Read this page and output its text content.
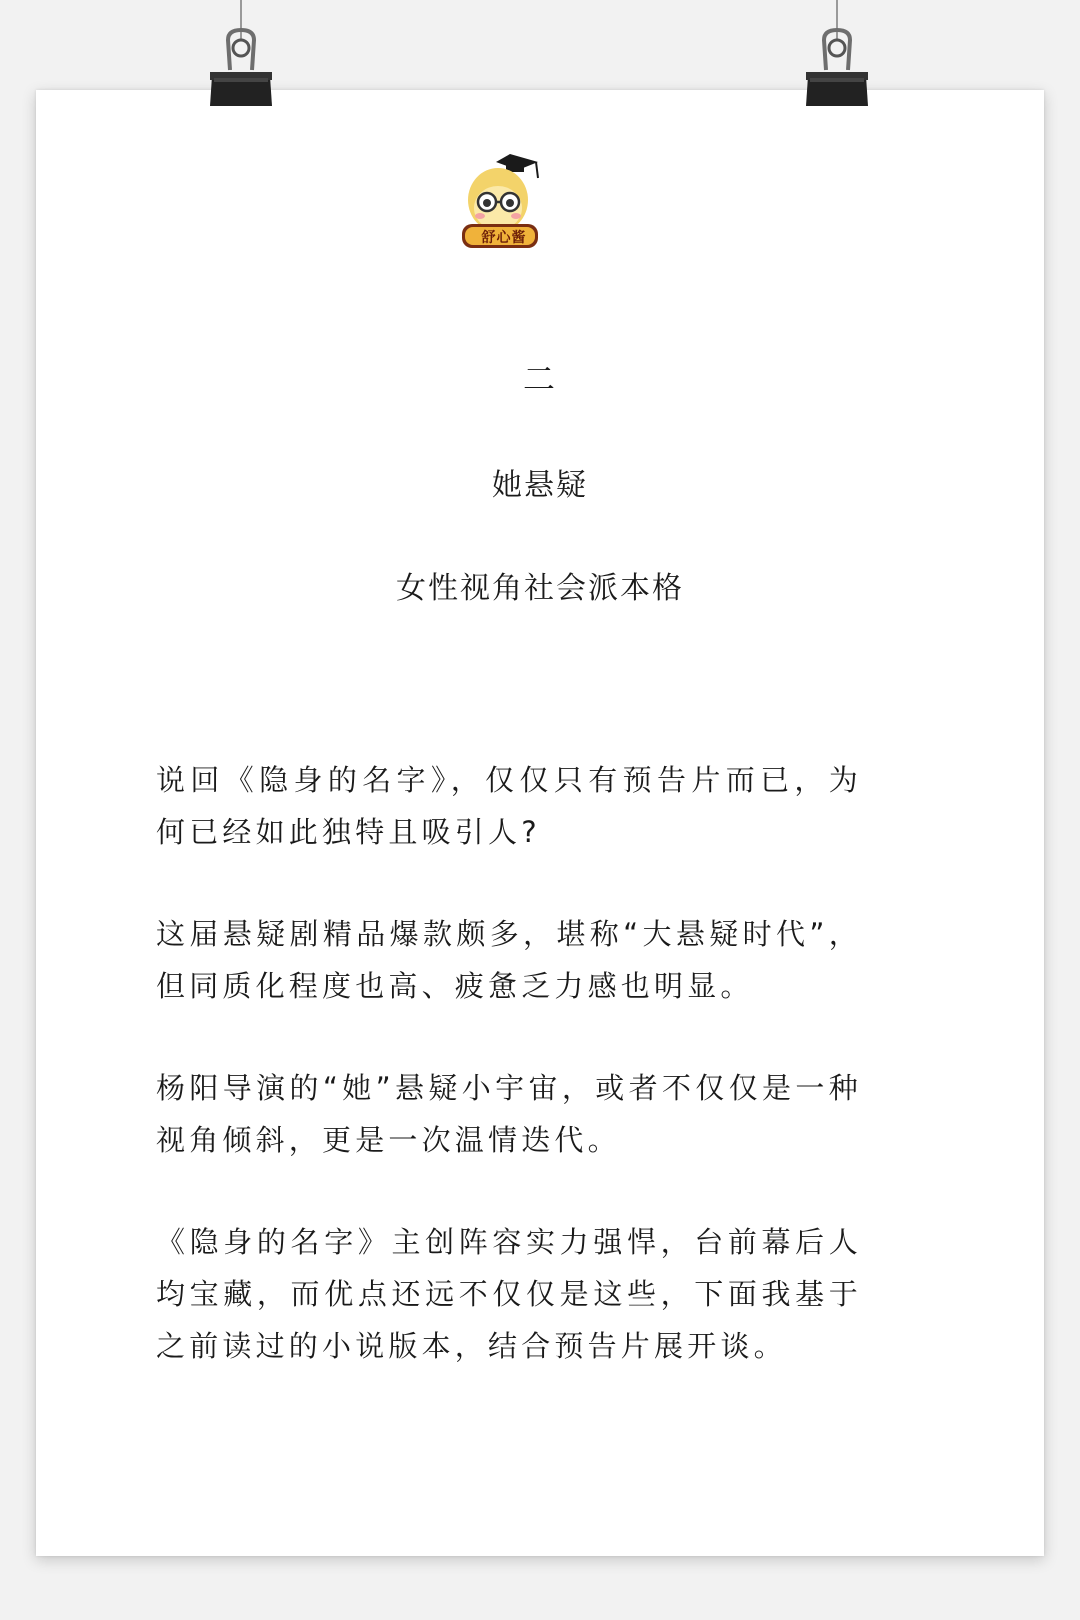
舒心酱
二
她悬疑
女性视角社会派本格

说回《隐身的名字》，仅仅只有预告片而已，为何已经如此独特且吸引人?

这届悬疑剧精品爆款颇多，堪称“大悬疑时代”，但同质化程度也高、疲惫乏力感也明显。

杨阳导演的“她”悬疑小宇宙，或者不仅仅是一种视角倾斜，更是一次温情迭代。

《隐身的名字》主创阵容实力强悍，台前幕后人均宝藏，而优点还远不仅仅是这些，下面我基于之前读过的小说版本，结合预告片展开谈。
